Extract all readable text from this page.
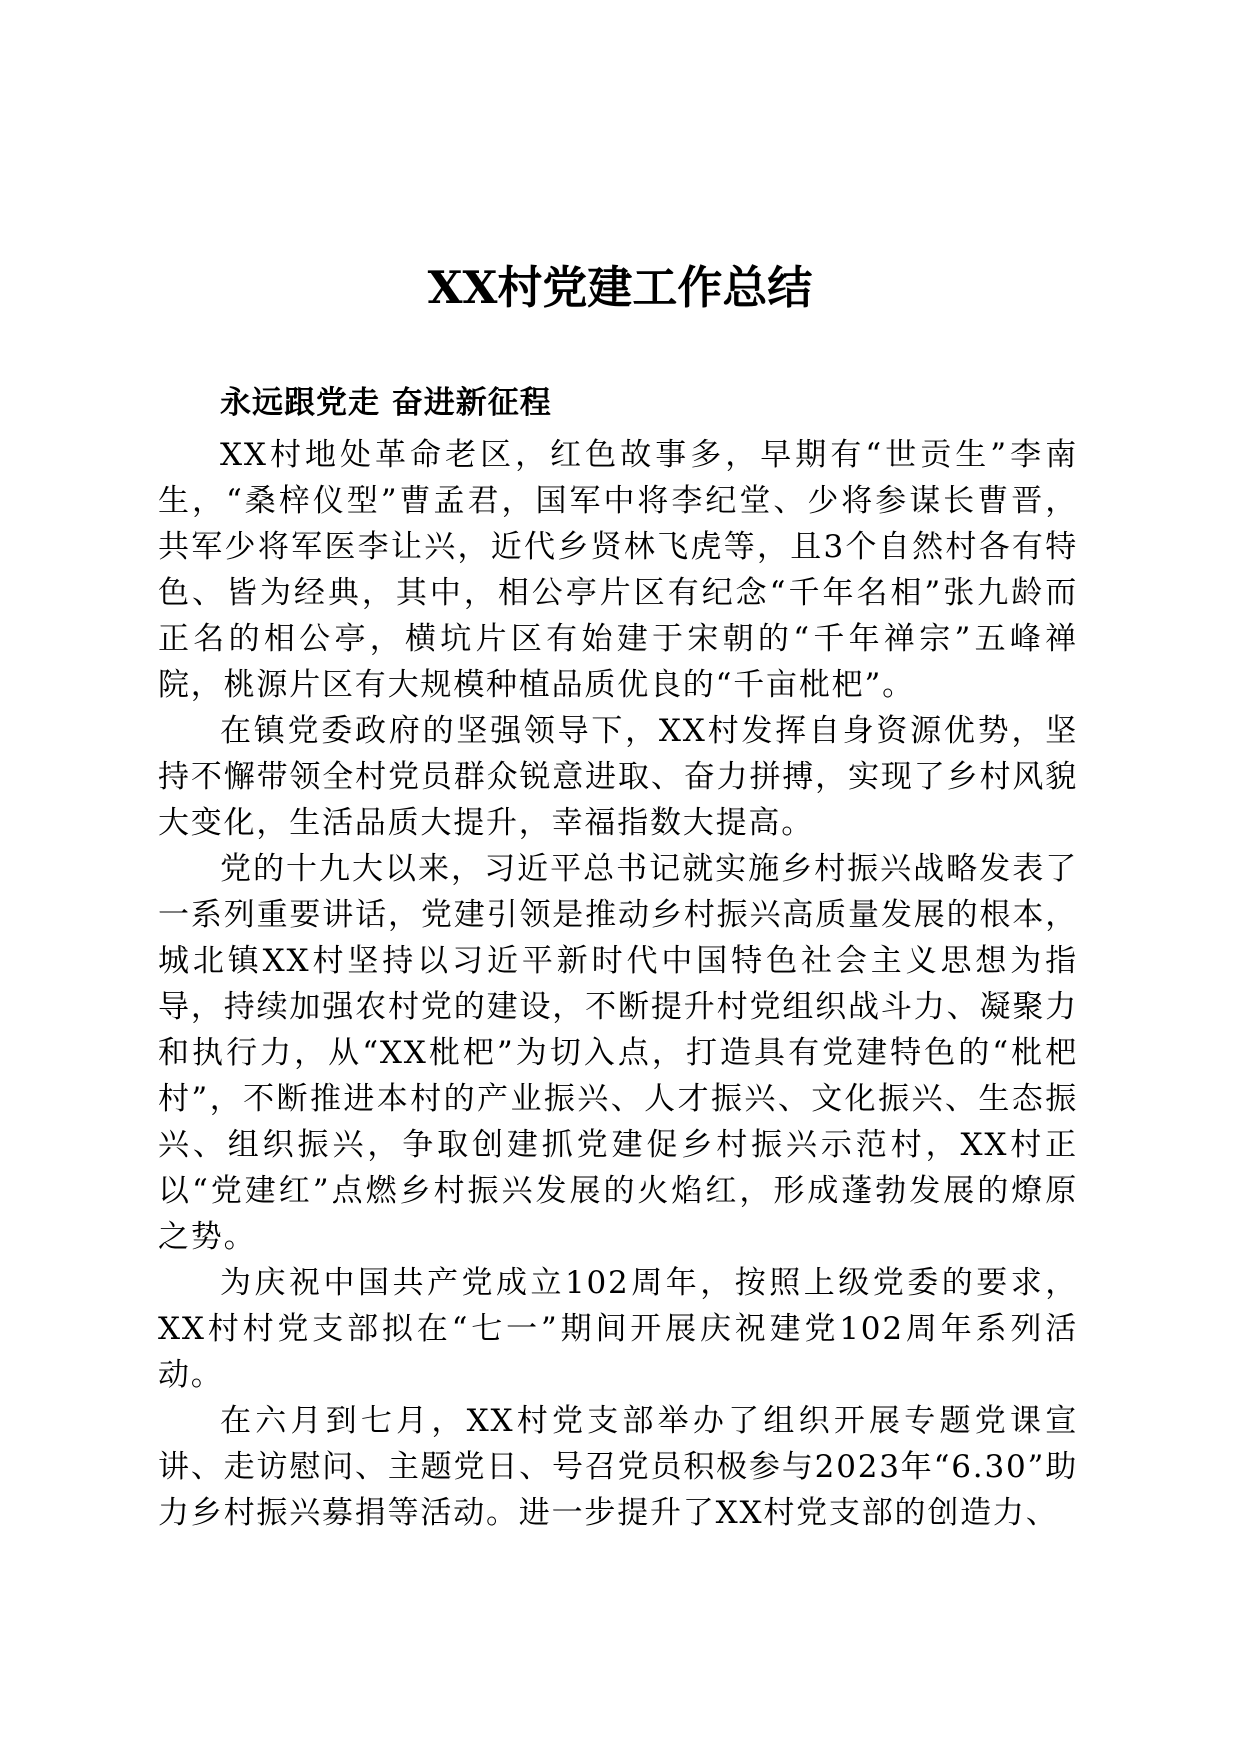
XX村党建工作总结
永远跟党走 奋进新征程

XX村地处革命老区，红色故事多，早期有“世贡生”李南生，“桑梓仪型”曹孟君，国军中将李纪堂、少将参谋长曹晋，共军少将军医李让兴，近代乡贤林飞虎等，且3个自然村各有特色、皆为经典，其中，相公亭片区有纪念“千年名相”张九龄而正名的相公亭，横坑片区有始建于宋朝的“千年禅宗”五峰禅院，桃源片区有大规模种植品质优良的“千亩枇杷”。

在镇党委政府的坚强领导下，XX村发挥自身资源优势，坚持不懈带领全村党员群众锐意进取、奋力拼搏，实现了乡村风貌大变化，生活品质大提升，幸福指数大提高。

党的十九大以来，习近平总书记就实施乡村振兴战略发表了一系列重要讲话，党建引领是推动乡村振兴高质量发展的根本，城北镇XX村坚持以习近平新时代中国特色社会主义思想为指导，持续加强农村党的建设，不断提升村党组织战斗力、凝聚力和执行力，从“XX枇杷”为切入点，打造具有党建特色的“枇杷村”，不断推进本村的产业振兴、人才振兴、文化振兴、生态振兴、组织振兴，争取创建抓党建促乡村振兴示范村，XX村正以“党建红”点燃乡村振兴发展的火焰红，形成蓬勃发展的燎原之势。

为庆祝中国共产党成立102周年，按照上级党委的要求，XX村村党支部拟在“七一”期间开展庆祝建党102周年系列活动。

在六月到七月，XX村党支部举办了组织开展专题党课宣讲、走访慰问、主题党日、号召党员积极参与2023年“6.30”助力乡村振兴募捐等活动。进一步提升了XX村党支部的创造力、
